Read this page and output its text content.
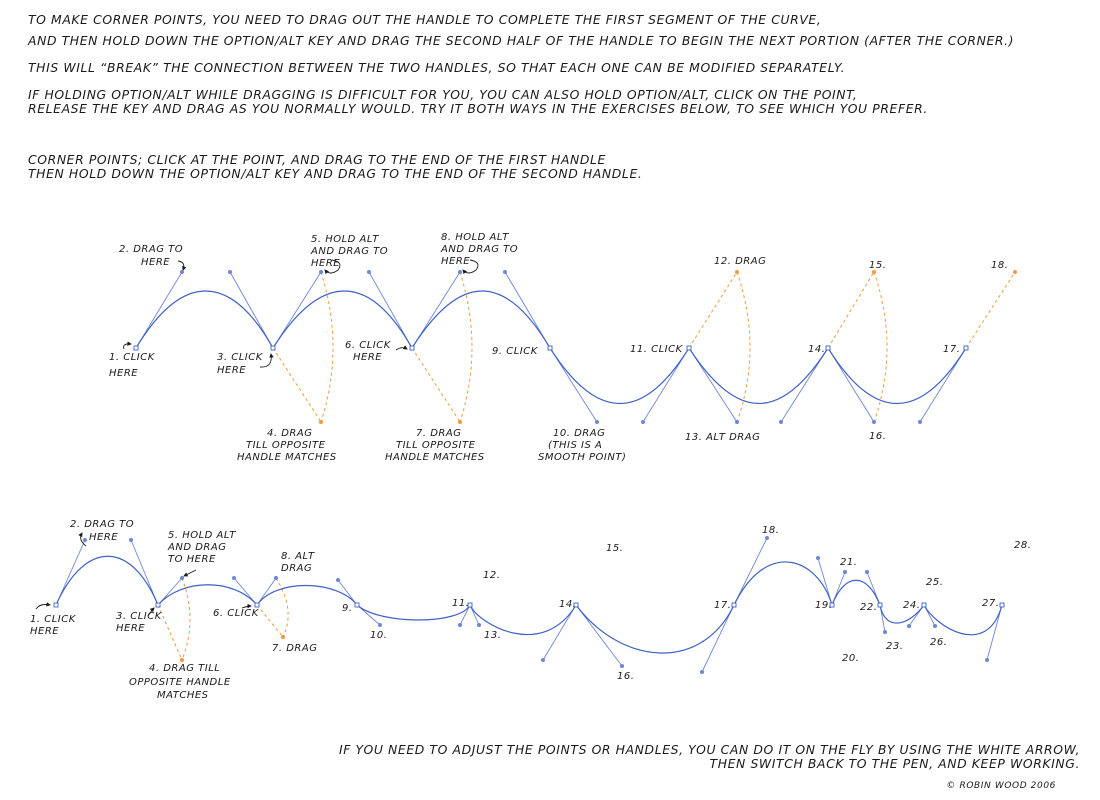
TO MAKE CORNER POINTS, YOU NEED TO DRAG OUT THE HANDLE TO COMPLETE THE FIRST SEGMENT OF THE CURVE,

AND THEN HOLD DOWN THE OPTION/ALT KEY AND DRAG THE SECOND HALF OF THE HANDLE TO BEGIN THE NEXT PORTION (AFTER THE CORNER.)

THIS WILL “BREAK” THE CONNECTION BETWEEN THE TWO HANDLES, SO THAT EACH ONE CAN BE MODIFIED SEPARATELY.

IF HOLDING OPTION/ALT WHILE DRAGGING IS DIFFICULT FOR YOU, YOU CAN ALSO HOLD OPTION/ALT, CLICK ON THE POINT,

RELEASE THE KEY AND DRAG AS YOU NORMALLY WOULD. TRY IT BOTH WAYS IN THE EXERCISES BELOW, TO SEE WHICH YOU PREFER.

CORNER POINTS; CLICK AT THE POINT, AND DRAG TO THE END OF THE FIRST HANDLE

THEN HOLD DOWN THE OPTION/ALT KEY AND DRAG TO THE END OF THE SECOND HANDLE.

1. CLICK
HERE
2. DRAG TO
HERE
3. CLICK
HERE
4. DRAG
TILL OPPOSITE
HANDLE MATCHES
5. HOLD ALT
AND DRAG TO
HERE
6. CLICK
HERE
7. DRAG
TILL OPPOSITE
HANDLE MATCHES
8. HOLD ALT
AND DRAG TO
HERE
9. CLICK
10. DRAG
(THIS IS A
SMOOTH POINT)
11. CLICK
12. DRAG
13. ALT DRAG
14.
15.
16.
17.
18.
2. DRAG TO
HERE
1. CLICK
HERE
3. CLICK
HERE
5. HOLD ALT
AND DRAG
TO HERE
6. CLICK
4. DRAG TILL
OPPOSITE HANDLE
MATCHES
8. ALT
DRAG
7. DRAG
9.
10.
11.
12.
13.
14.
15.
16.
17.
18.
19.
20.
21.
22.
23.
24.
25.
26.
27.
28.

IF YOU NEED TO ADJUST THE POINTS OR HANDLES, YOU CAN DO IT ON THE FLY BY USING THE WHITE ARROW,

THEN SWITCH BACK TO THE PEN, AND KEEP WORKING.

© ROBIN WOOD 2006
